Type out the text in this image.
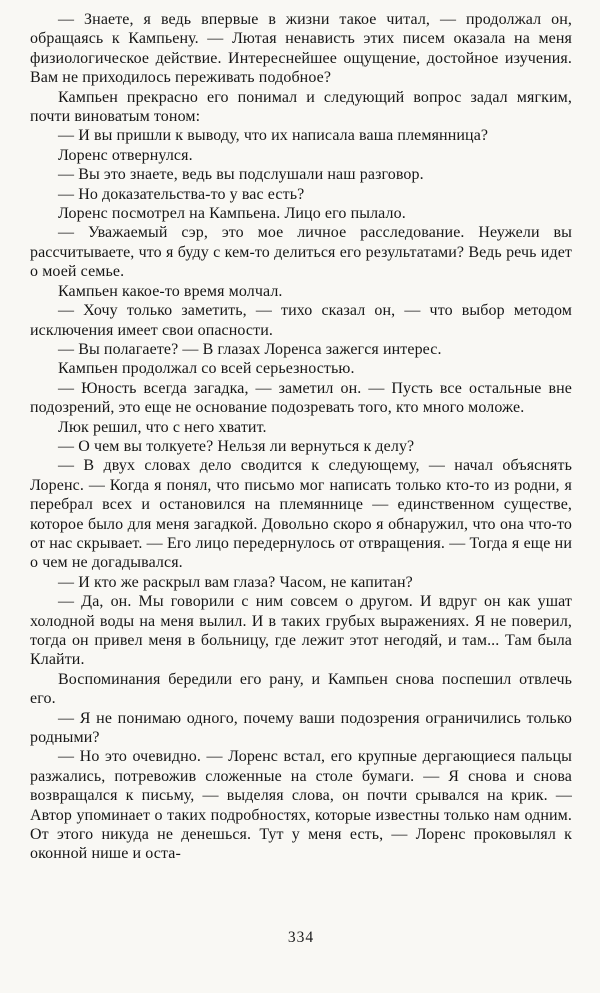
— Знаете, я ведь впервые в жизни такое читал, — продолжал он, обращаясь к Кампьену. — Лютая ненависть этих писем оказала на меня физиологическое действие. Интереснейшее ощущение, достойное изучения. Вам не приходилось переживать подобное?

Кампьен прекрасно его понимал и следующий вопрос задал мягким, почти виноватым тоном:

— И вы пришли к выводу, что их написала ваша племянница?

Лоренс отвернулся.

— Вы это знаете, ведь вы подслушали наш разговор.

— Но доказательства-то у вас есть?

Лоренс посмотрел на Кампьена. Лицо его пылало.

— Уважаемый сэр, это мое личное расследование. Неужели вы рассчитываете, что я буду с кем-то делиться его результатами? Ведь речь идет о моей семье.

Кампьен какое-то время молчал.

— Хочу только заметить, — тихо сказал он, — что выбор методом исключения имеет свои опасности.

— Вы полагаете? — В глазах Лоренса зажегся интерес.

Кампьен продолжал со всей серьезностью.

— Юность всегда загадка, — заметил он. — Пусть все остальные вне подозрений, это еще не основание подозревать того, кто много моложе.

Люк решил, что с него хватит.

— О чем вы толкуете? Нельзя ли вернуться к делу?

— В двух словах дело сводится к следующему, — начал объяснять Лоренс. — Когда я понял, что письмо мог написать только кто-то из родни, я перебрал всех и остановился на племяннице — единственном существе, которое было для меня загадкой. Довольно скоро я обнаружил, что она что-то от нас скрывает. — Его лицо передернулось от отвращения. — Тогда я еще ни о чем не догадывался.

— И кто же раскрыл вам глаза? Часом, не капитан?

— Да, он. Мы говорили с ним совсем о другом. И вдруг он как ушат холодной воды на меня вылил. И в таких грубых выражениях. Я не поверил, тогда он привел меня в больницу, где лежит этот негодяй, и там... Там была Клайти.

Воспоминания бередили его рану, и Кампьен снова поспешил отвлечь его.

— Я не понимаю одного, почему ваши подозрения ограничились только родными?

— Но это очевидно. — Лоренс встал, его крупные дергающиеся пальцы разжались, потревожив сложенные на столе бумаги. — Я снова и снова возвращался к письму, — выделяя слова, он почти срывался на крик. — Автор упоминает о таких подробностях, которые известны только нам одним. От этого никуда не денешься. Тут у меня есть, — Лоренс проковылял к оконной нише и оста-

334
